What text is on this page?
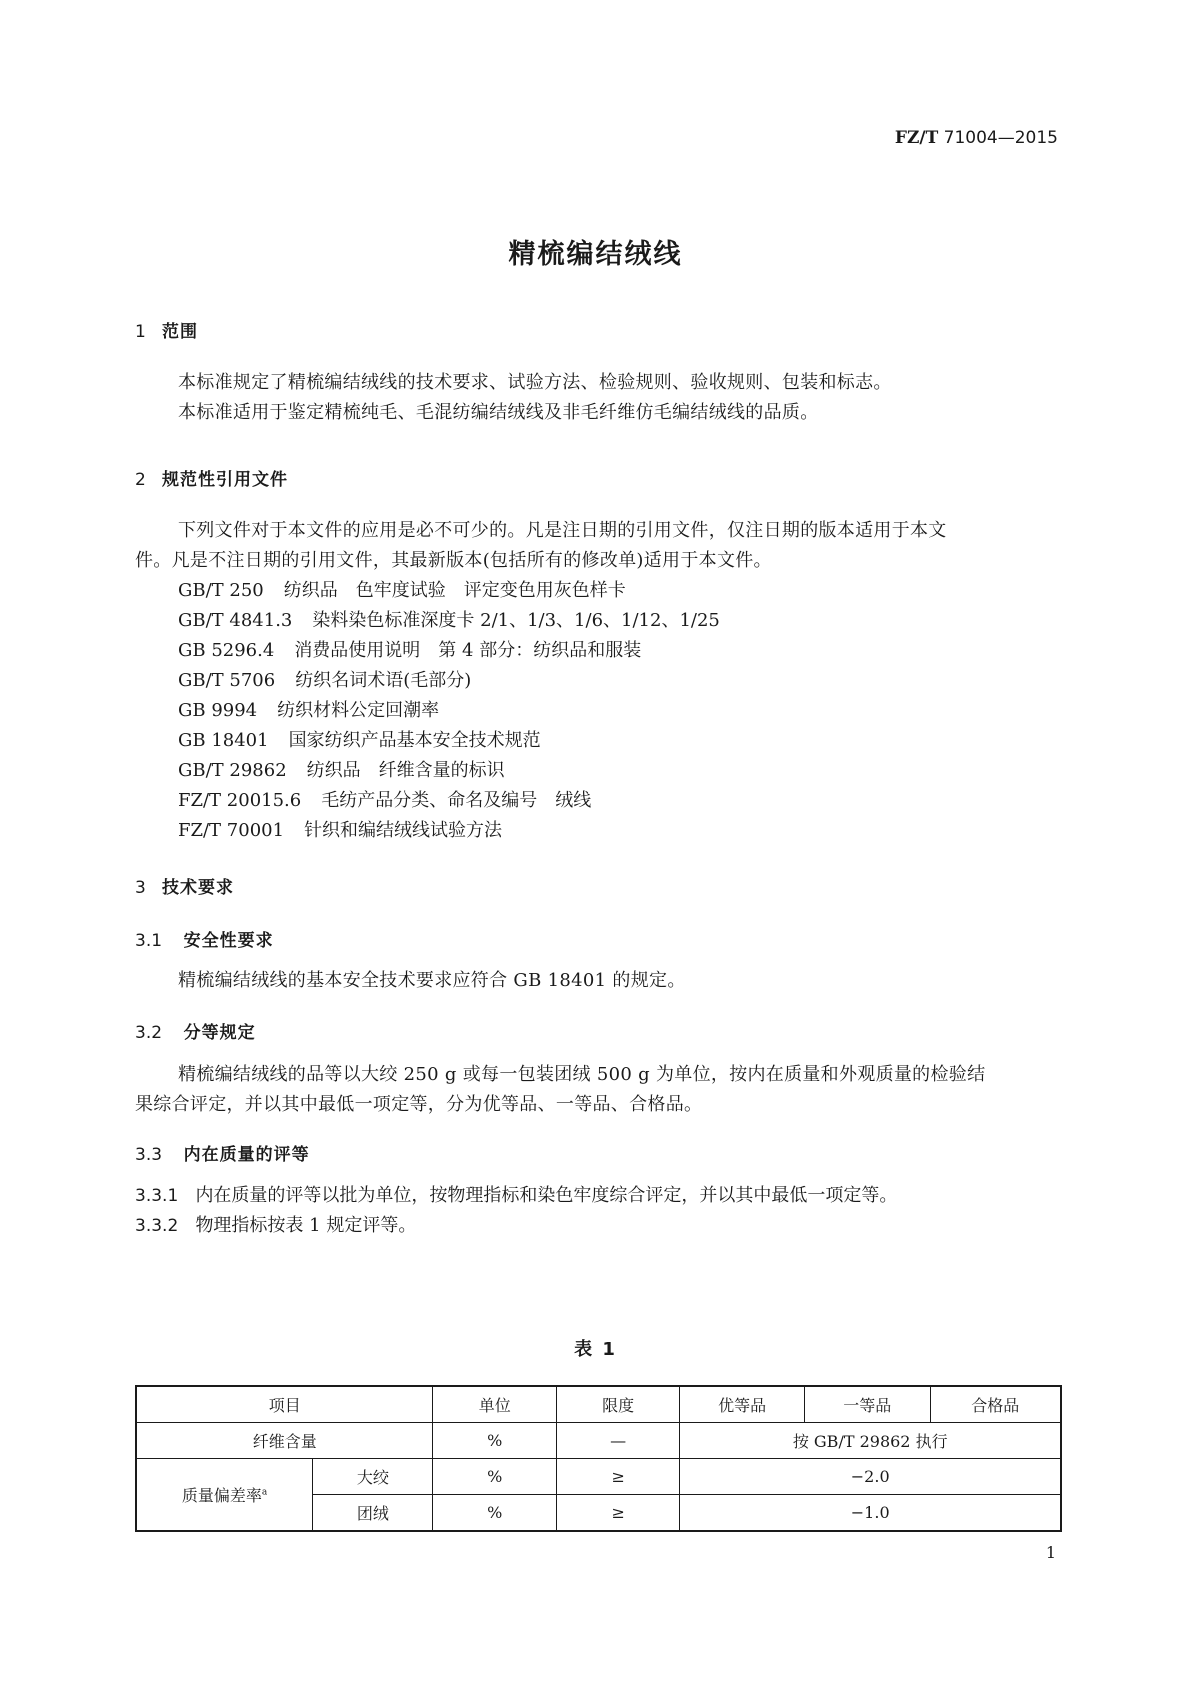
FZ/T 71004—2015
精梳编结绒线
1 范围
本标准规定了精梳编结绒线的技术要求、试验方法、检验规则、验收规则、包装和标志。
本标准适用于鉴定精梳纯毛、毛混纺编结绒线及非毛纤维仿毛编结绒线的品质。
2 规范性引用文件
下列文件对于本文件的应用是必不可少的。凡是注日期的引用文件，仅注日期的版本适用于本文
件。凡是不注日期的引用文件，其最新版本(包括所有的修改单)适用于本文件。
GB/T 250 纺织品　色牢度试验　评定变色用灰色样卡
GB/T 4841.3 染料染色标准深度卡 2/1、1/3、1/6、1/12、1/25
GB 5296.4 消费品使用说明　第 4 部分：纺织品和服装
GB/T 5706 纺织名词术语(毛部分)
GB 9994 纺织材料公定回潮率
GB 18401 国家纺织产品基本安全技术规范
GB/T 29862 纺织品　纤维含量的标识
FZ/T 20015.6 毛纺产品分类、命名及编号　绒线
FZ/T 70001 针织和编结绒线试验方法
3 技术要求
3.1 安全性要求
精梳编结绒线的基本安全技术要求应符合 GB 18401 的规定。
3.2 分等规定
精梳编结绒线的品等以大绞 250 g 或每一包装团绒 500 g 为单位，按内在质量和外观质量的检验结
果综合评定，并以其中最低一项定等，分为优等品、一等品、合格品。
3.3 内在质量的评等
3.3.1 内在质量的评等以批为单位，按物理指标和染色牢度综合评定，并以其中最低一项定等。
3.3.2 物理指标按表 1 规定评等。
表 1
项目		单位	限度	优等品	一等品	合格品
纤维含量		%	—	按 GB/T 29862 执行		
质量偏差率$^a$	大绞	%	≥	−2.0		
	团绒	%	≥	−1.0		
1
